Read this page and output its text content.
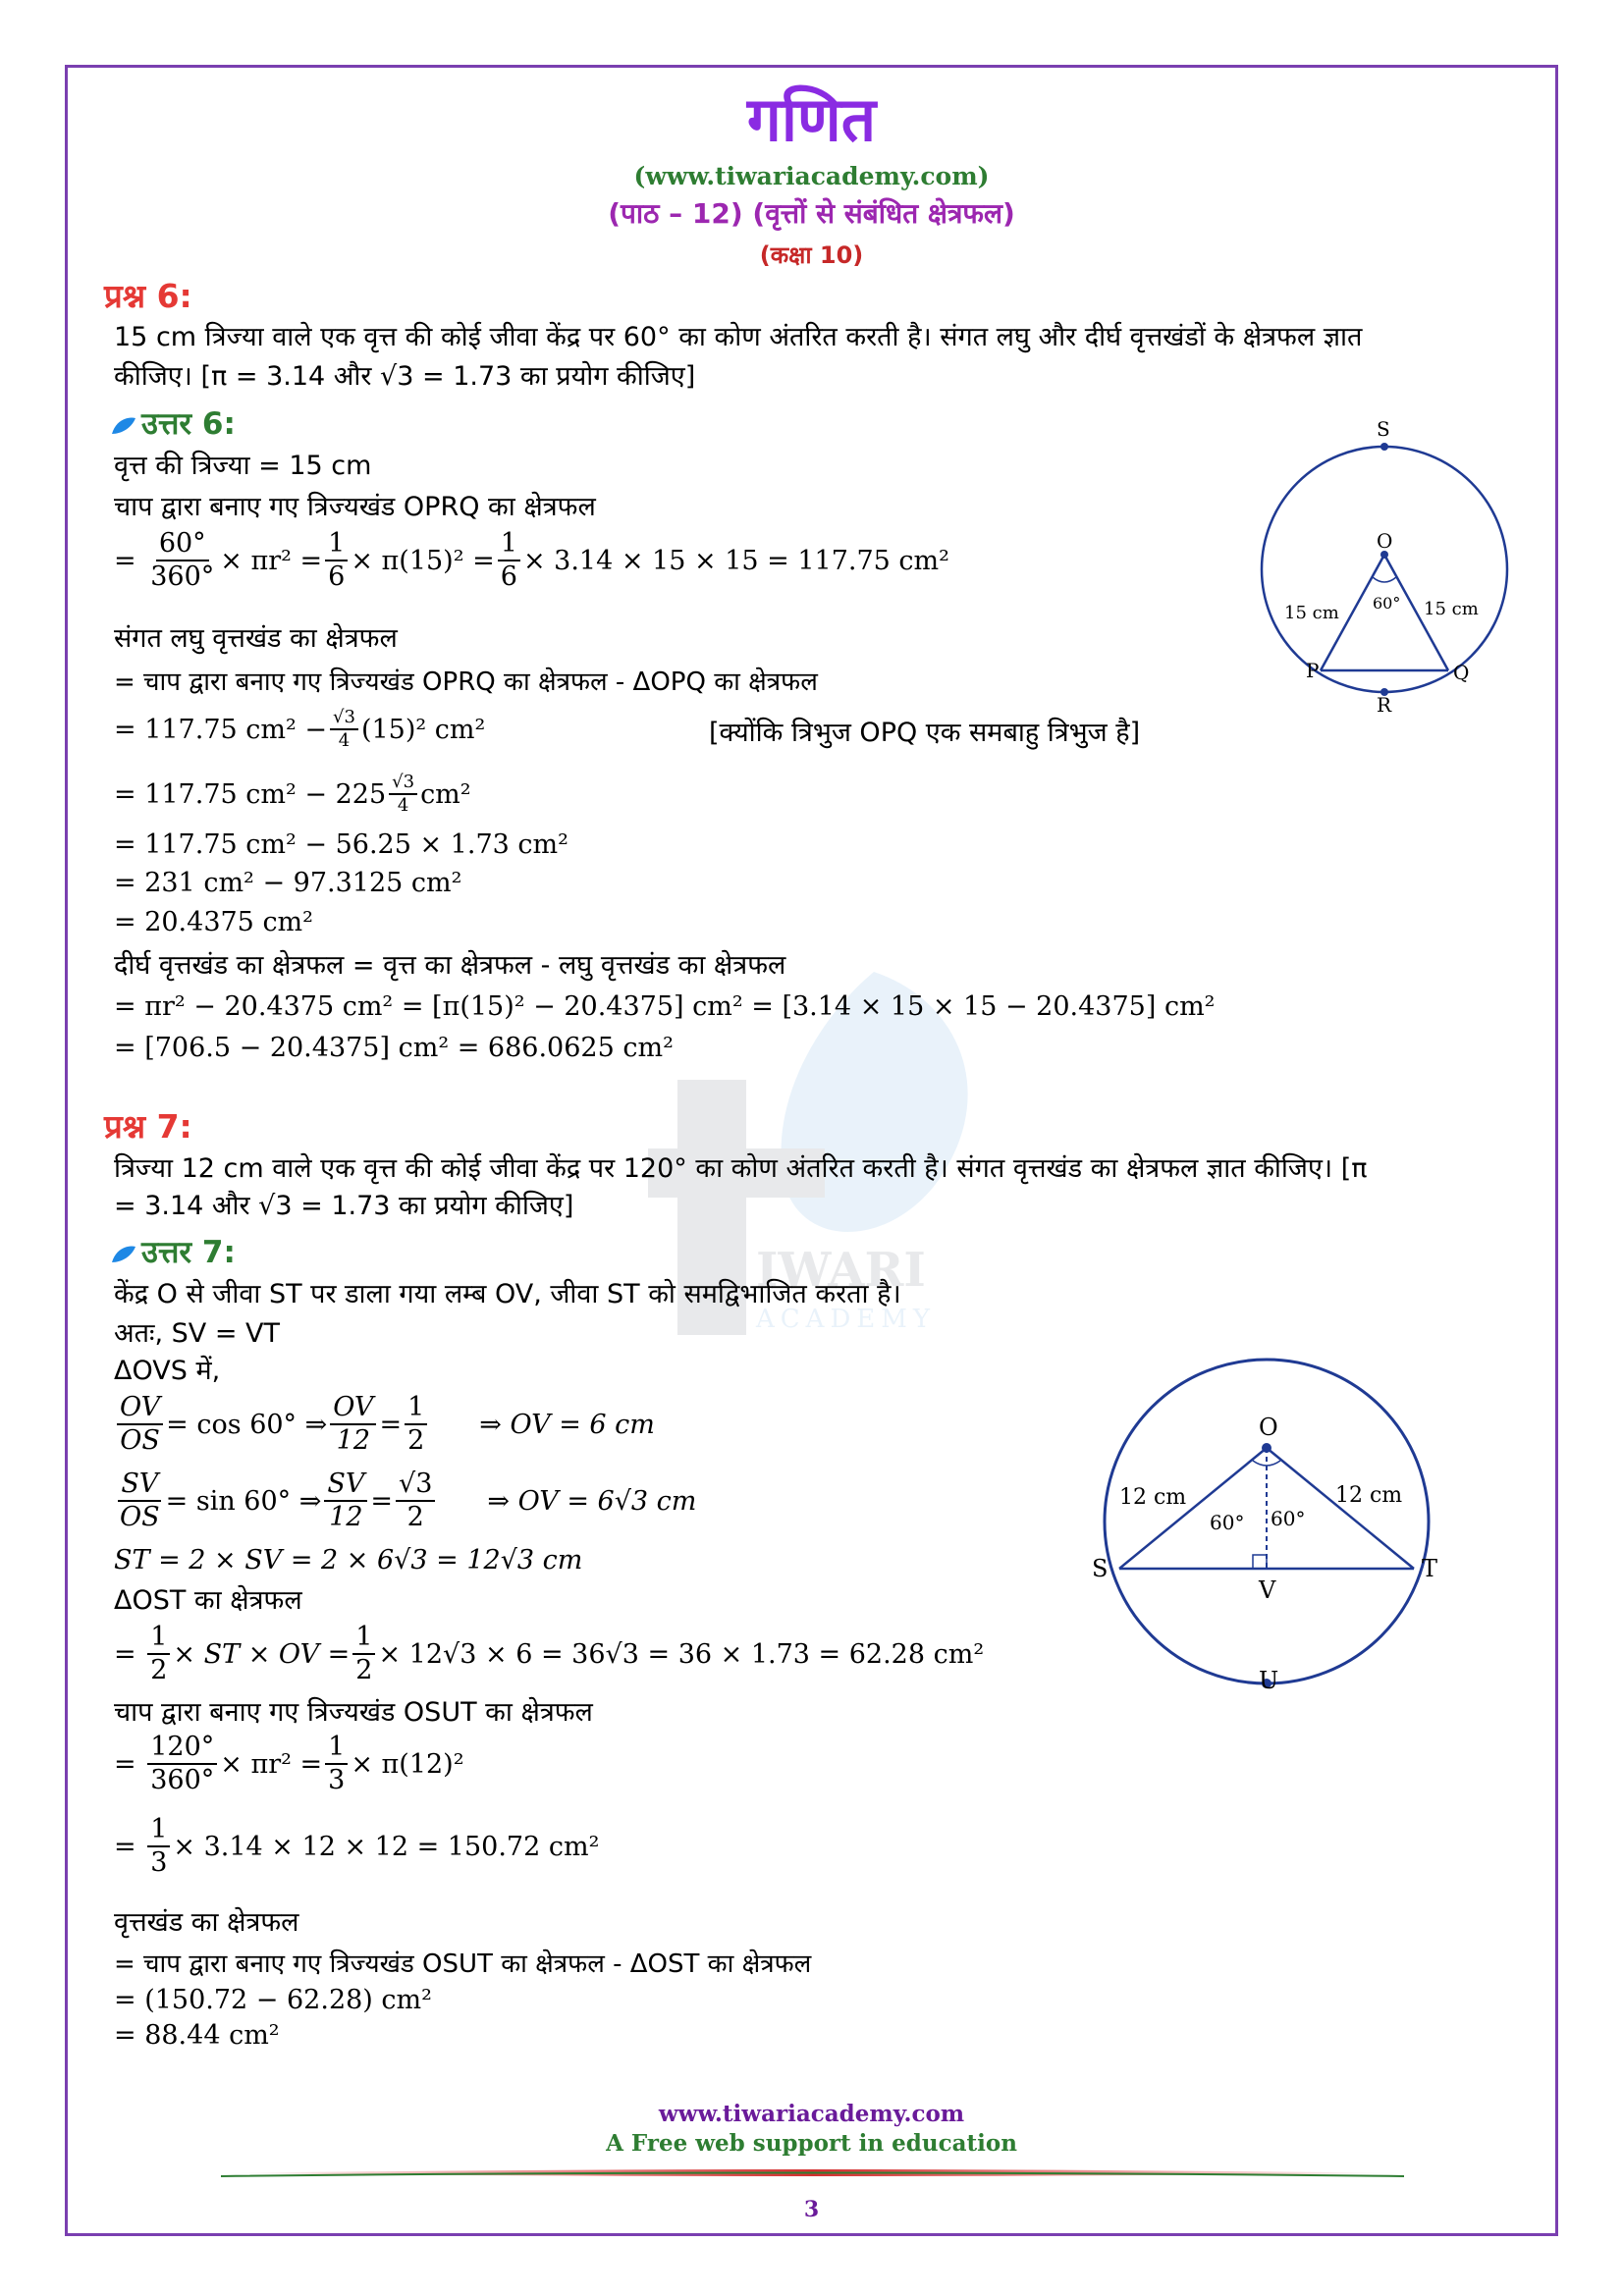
IWARI
ACADEMY
गणित
(www.tiwariacademy.com)
(पाठ – 12) (वृत्तों से संबंधित क्षेत्रफल)
(कक्षा 10)
प्रश्न 6:
15 cm त्रिज्या वाले एक वृत्त की कोई जीवा केंद्र पर 60° का कोण अंतरित करती है। संगत लघु और दीर्घ वृत्तखंडों के क्षेत्रफल ज्ञात
कीजिए। [π = 3.14 और √3 = 1.73 का प्रयोग कीजिए]
उत्तर 6:
वृत्त की त्रिज्या = 15 cm
चाप द्वारा बनाए गए त्रिज्यखंड OPRQ का क्षेत्रफल
= $\frac{60^\circ}{360^\circ} \times \pi r^2 = \frac{1}{6} \times \pi(15)^2 = \frac{1}{6} \times 3.14 \times 15 \times 15 = 117.75$ cm²
संगत लघु वृत्तखंड का क्षेत्रफल
= चाप द्वारा बनाए गए त्रिज्यखंड OPRQ का क्षेत्रफल - ΔOPQ का क्षेत्रफल
= 117.75 $cm^2 - \frac{√3}{4} (15)^2$ cm²	[क्योंकि त्रिभुज OPQ एक समबाहु त्रिभुज है]
= 117.75 $cm^2 - 225 \frac{√3}{4} cm^2$
= 117.75 cm² − 56.25 × 1.73 cm²
= 231 cm² − 97.3125 cm²
= 20.4375 cm²
दीर्घ वृत्तखंड का क्षेत्रफल = वृत्त का क्षेत्रफल - लघु वृत्तखंड का क्षेत्रफल
= πr² − 20.4375 cm² = [π(15)² − 20.4375] cm² = [3.14 × 15 × 15 − 20.4375] cm²
= [706.5 − 20.4375] cm² = 686.0625 cm²
S
O
P	Q
R
15 cm	15 cm
60°
प्रश्न 7:
त्रिज्या 12 cm वाले एक वृत्त की कोई जीवा केंद्र पर 120° का कोण अंतरित करती है। संगत वृत्तखंड का क्षेत्रफल ज्ञात कीजिए। [π
= 3.14 और √3 = 1.73 का प्रयोग कीजिए]
उत्तर 7:
केंद्र O से जीवा ST पर डाला गया लम्ब OV, जीवा ST को समद्विभाजित करता है।
अतः, SV = VT
ΔOVS में,
$\frac{OV}{OS} = \cos 60^\circ$ ⇒ $\frac{OV}{12} = \frac{1}{2}$ ⇒ OV = 6 cm
$\frac{SV}{OS} = \sin 60^\circ$ ⇒ $\frac{SV}{12} = \frac{√3}{2}$ ⇒ OV = 6√3 cm
ST = 2 × SV = 2 × 6√3 = 12√3 cm
ΔOST का क्षेत्रफल
= $\frac{1}{2}$ × ST × OV = $\frac{1}{2} \times 12√3 \times 6 = 36√3 = 36 \times 1.73 = 62.28$ cm²
चाप द्वारा बनाए गए त्रिज्यखंड OSUT का क्षेत्रफल
= $\frac{120^\circ}{360^\circ} \times \pi r^2 = \frac{1}{3} \times \pi(12)^2$
= $\frac{1}{3} \times 3.14 \times 12 \times 12 = 150.72$ cm²
वृत्तखंड का क्षेत्रफल
= चाप द्वारा बनाए गए त्रिज्यखंड OSUT का क्षेत्रफल - ΔOST का क्षेत्रफल
= (150.72 − 62.28) cm²
= 88.44 cm²
O
S	T
V
U
12 cm	12 cm
60° 60°
www.tiwariacademy.com
A Free web support in education
3
